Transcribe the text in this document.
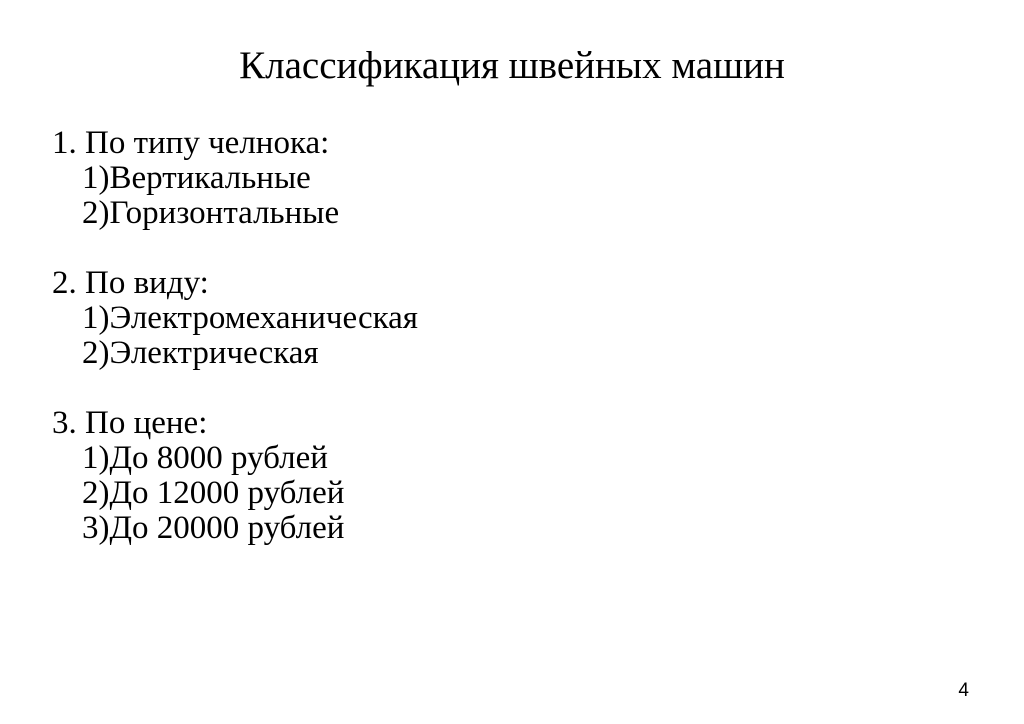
Классификация швейных машин
1. По типу челнока:
1)Вертикальные
2)Горизонтальные
2. По виду:
1)Электромеханическая
2)Электрическая
3. По цене:
1)До 8000 рублей
2)До 12000 рублей
3)До 20000 рублей
4
